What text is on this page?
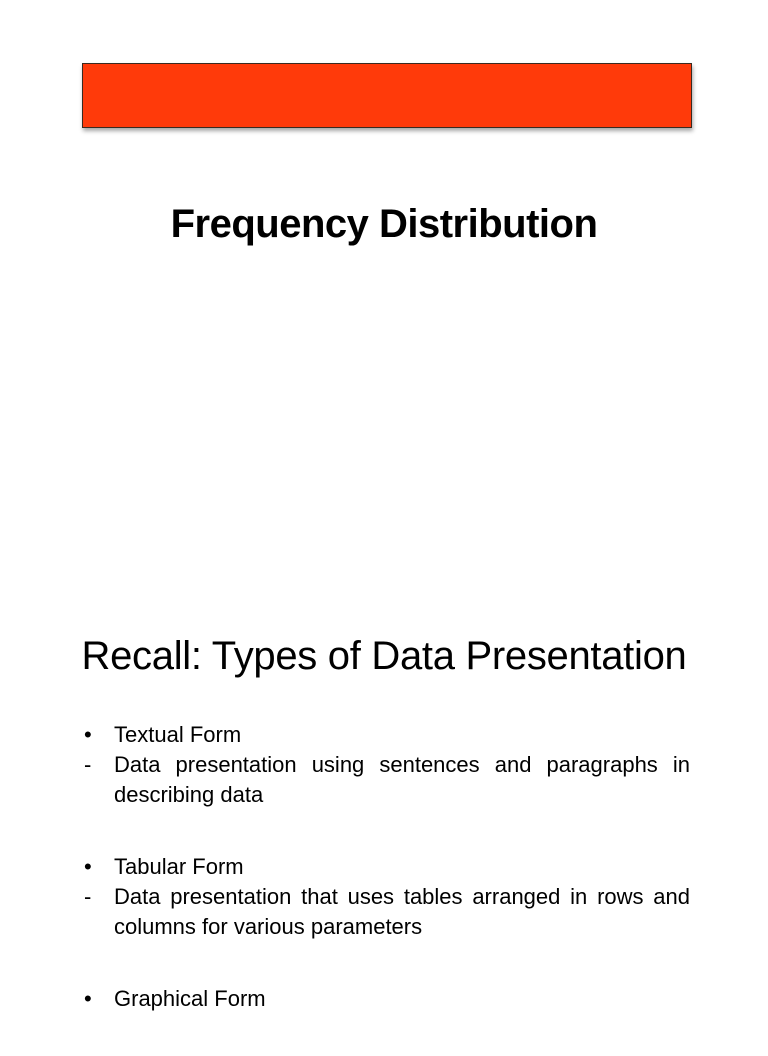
Frequency Distribution
Recall: Types of Data Presentation
•	Textual Form
-	Data presentation using sentences and paragraphs in describing data
•	Tabular Form
-	Data presentation that uses tables arranged in rows and columns for various parameters
•	Graphical Form
